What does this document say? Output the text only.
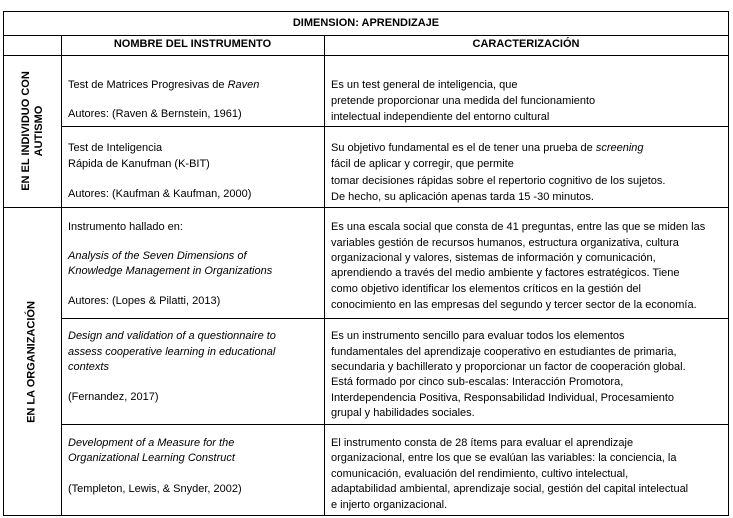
DIMENSION: APRENDIZAJE
NOMBRE DEL INSTRUMENTO	CARACTERIZACIÓN
EN EL INDIVIDUO CON AUTISMO
EN LA ORGANIZACIÓN
Test de Matrices Progresivas de Raven
Autores: (Raven & Bernstein, 1961)
Es un test general de inteligencia, que
pretende proporcionar una medida del funcionamiento
intelectual independiente del entorno cultural
Test de Inteligencia
Rápida de Kanufman (K-BIT)
Autores: (Kaufman & Kaufman, 2000)
Su objetivo fundamental es el de tener una prueba de screening
fácil de aplicar y corregir, que permite
tomar decisiones rápidas sobre el repertorio cognitivo de los sujetos.
De hecho, su aplicación apenas tarda 15 -30 minutos.
Instrumento hallado en:
Analysis of the Seven Dimensions of
Knowledge Management in Organizations
Autores: (Lopes & Pilatti, 2013)
Es una escala social que consta de 41 preguntas, entre las que se miden las
variables gestión de recursos humanos, estructura organizativa, cultura
organizacional y valores, sistemas de información y comunicación,
aprendiendo a través del medio ambiente y factores estratégicos. Tiene
como objetivo identificar los elementos críticos en la gestión del
conocimiento en las empresas del segundo y tercer sector de la economía.
Design and validation of a questionnaire to
assess cooperative learning in educational
contexts
(Fernandez, 2017)
Es un instrumento sencillo para evaluar todos los elementos
fundamentales del aprendizaje cooperativo en estudiantes de primaria,
secundaria y bachillerato y proporcionar un factor de cooperación global.
Está formado por cinco sub-escalas: Interacción Promotora,
Interdependencia Positiva, Responsabilidad Individual, Procesamiento
grupal y habilidades sociales.
Development of a Measure for the
Organizational Learning Construct
(Templeton, Lewis, & Snyder, 2002)
El instrumento consta de 28 ítems para evaluar el aprendizaje
organizacional, entre los que se evalúan las variables: la conciencia, la
comunicación, evaluación del rendimiento, cultivo intelectual,
adaptabilidad ambiental, aprendizaje social, gestión del capital intelectual
e injerto organizacional.
